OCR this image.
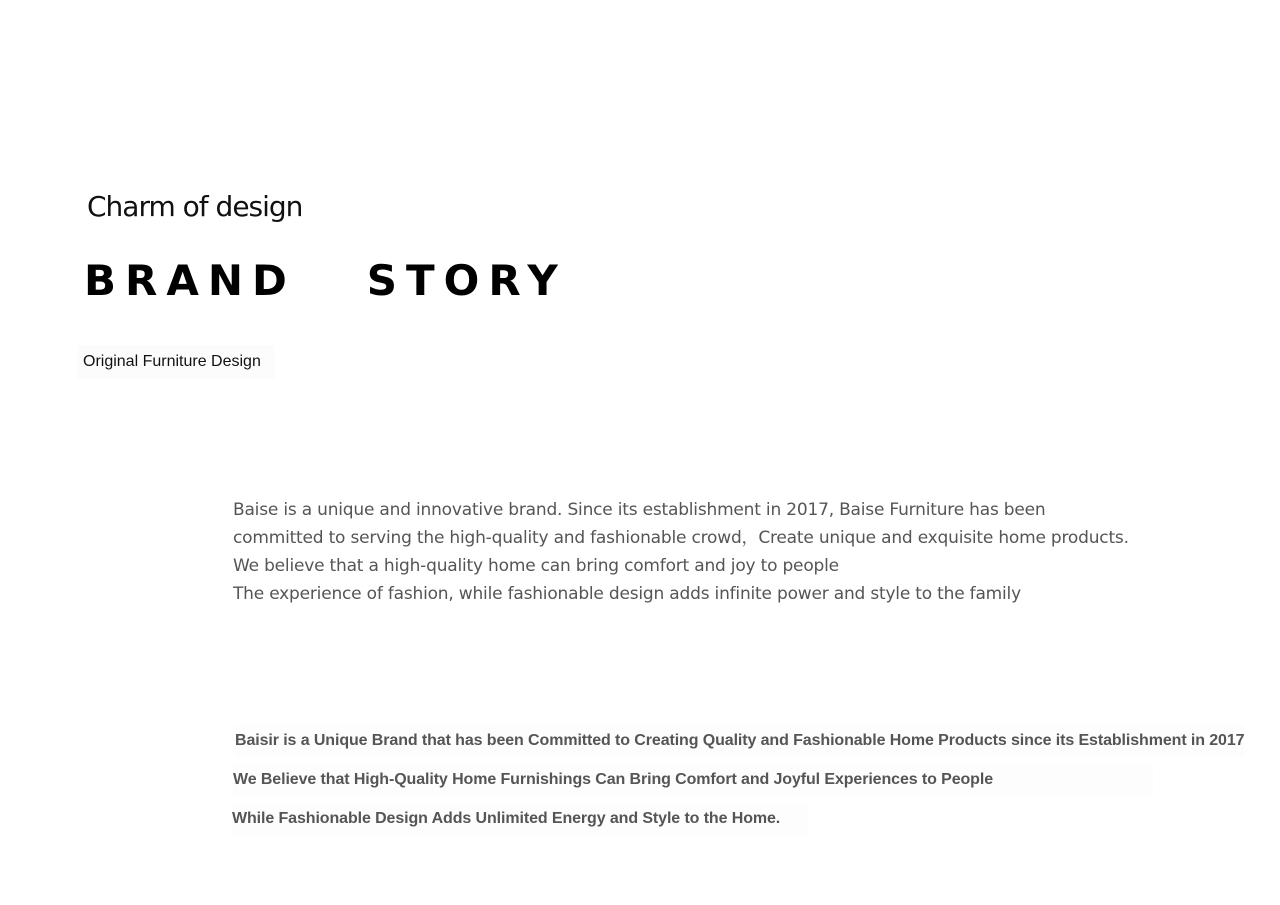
Charm of design
BRAND   STORY
Original Furniture Design

Baise is a unique and innovative brand. Since its establishment in 2017, Baise Furniture has been committed to serving the high-quality and fashionable crowd，Create unique and exquisite home products. We believe that a high-quality home can bring comfort and joy to people

The experience of fashion, while fashionable design adds infinite power and style to the family

Baisir is a Unique Brand that has been Committed to Creating Quality and Fashionable Home Products since its Establishment in 2017
We Believe that High-Quality Home Furnishings Can Bring Comfort and Joyful Experiences to People
While Fashionable Design Adds Unlimited Energy and Style to the Home.
